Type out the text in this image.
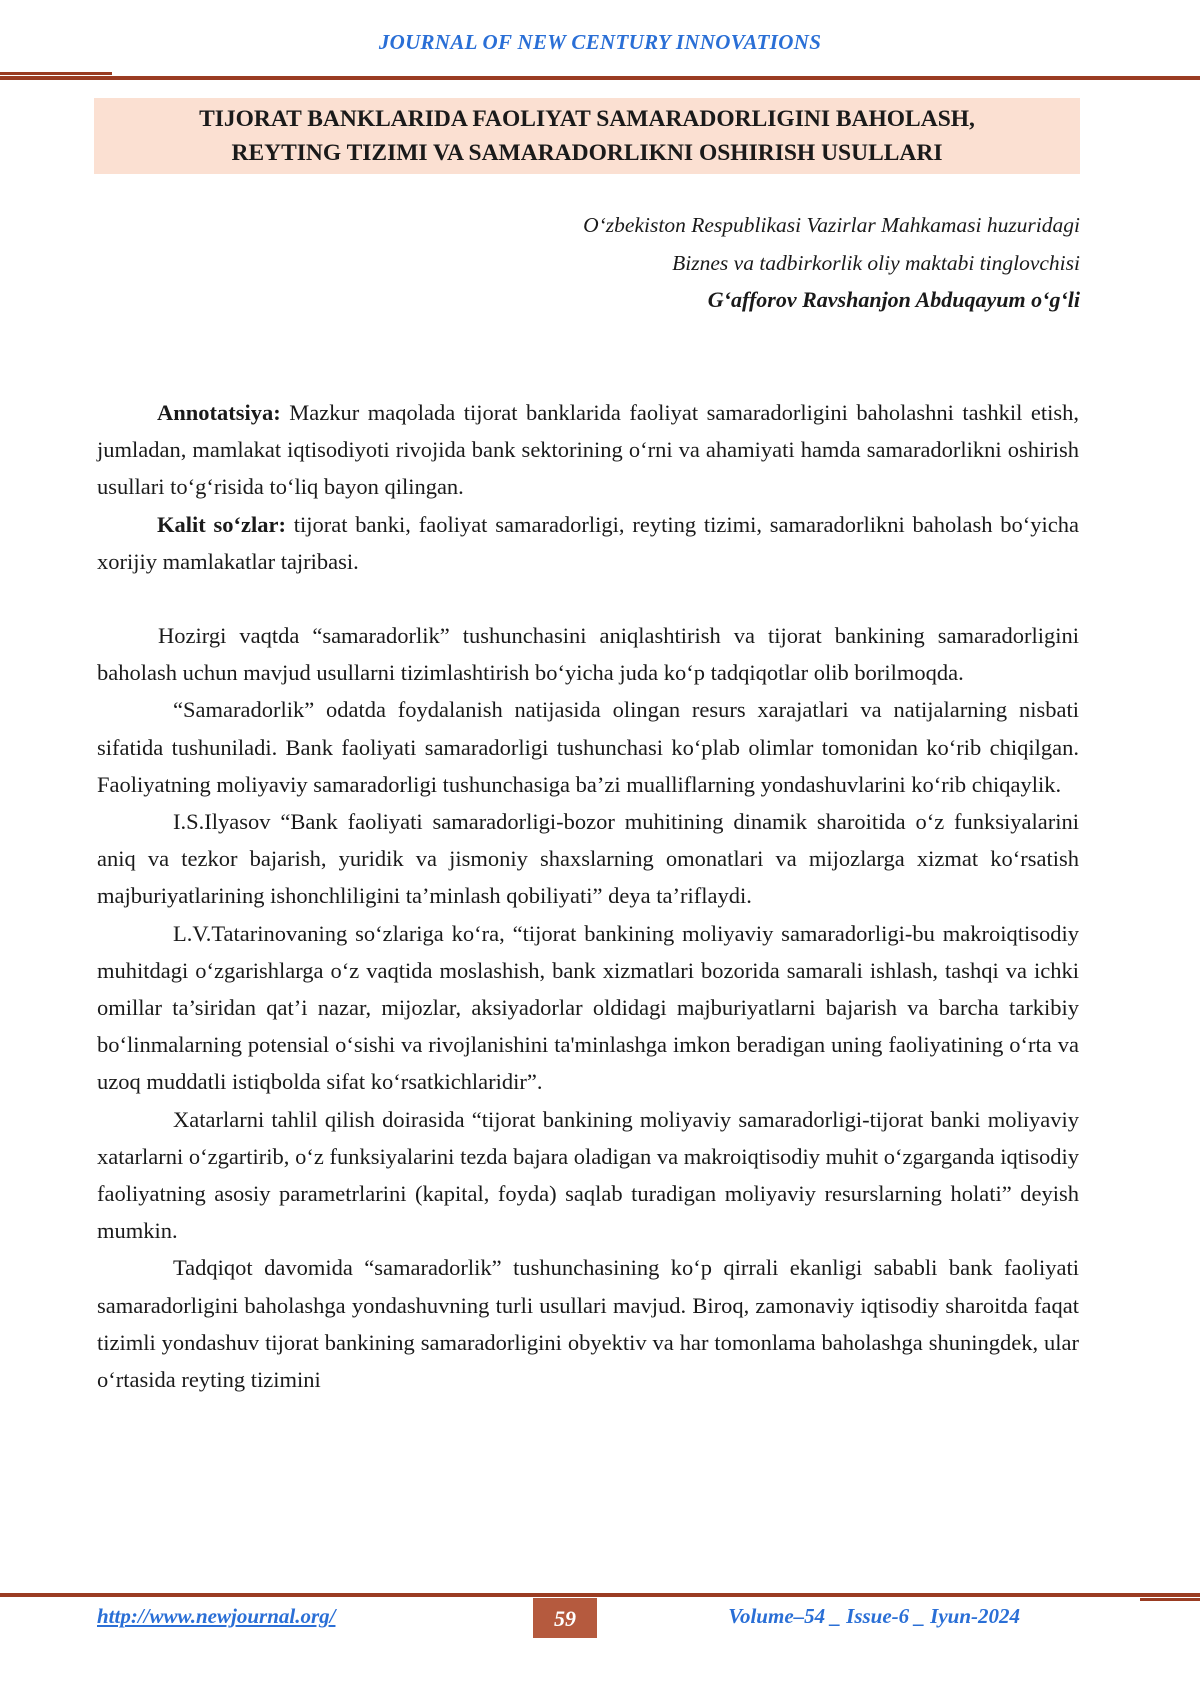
JOURNAL OF NEW CENTURY INNOVATIONS
TIJORAT BANKLARIDA FAOLIYAT SAMARADORLIGINI BAHOLASH,
REYTING TIZIMI VA SAMARADORLIKNI OSHIRISH USULLARI
O‘zbekiston Respublikasi Vazirlar Mahkamasi huzuridagi
Biznes va tadbirkorlik oliy maktabi tinglovchisi
G‘afforov Ravshanjon Abduqayum o‘g‘li

Annotatsiya: Mazkur maqolada tijorat banklarida faoliyat samaradorligini baholashni tashkil etish, jumladan, mamlakat iqtisodiyoti rivojida bank sektorining o‘rni va ahamiyati hamda samaradorlikni oshirish usullari to‘g‘risida to‘liq bayon qilingan.

Kalit so‘zlar: tijorat banki, faoliyat samaradorligi, reyting tizimi, samaradorlikni baholash bo‘yicha xorijiy mamlakatlar tajribasi.

Hozirgi vaqtda “samaradorlik” tushunchasini aniqlashtirish va tijorat bankining samaradorligini baholash uchun mavjud usullarni tizimlashtirish bo‘yicha juda ko‘p tadqiqotlar olib borilmoqda.

“Samaradorlik” odatda foydalanish natijasida olingan resurs xarajatlari va natijalarning nisbati sifatida tushuniladi. Bank faoliyati samaradorligi tushunchasi ko‘plab olimlar tomonidan ko‘rib chiqilgan. Faoliyatning moliyaviy samaradorligi tushunchasiga ba’zi mualliflarning yondashuvlarini ko‘rib chiqaylik.

I.S.Ilyasov “Bank faoliyati samaradorligi-bozor muhitining dinamik sharoitida o‘z funksiyalarini aniq va tezkor bajarish, yuridik va jismoniy shaxslarning omonatlari va mijozlarga xizmat ko‘rsatish majburiyatlarining ishonchliligini ta’minlash qobiliyati” deya ta’riflaydi.

L.V.Tatarinovaning so‘zlariga ko‘ra, “tijorat bankining moliyaviy samaradorligi-bu makroiqtisodiy muhitdagi o‘zgarishlarga o‘z vaqtida moslashish, bank xizmatlari bozorida samarali ishlash, tashqi va ichki omillar ta’siridan qat’i nazar, mijozlar, aksiyadorlar oldidagi majburiyatlarni bajarish va barcha tarkibiy bo‘linmalarning potensial o‘sishi va rivojlanishini ta'minlashga imkon beradigan uning faoliyatining o‘rta va uzoq muddatli istiqbolda sifat ko‘rsatkichlaridir”.

Xatarlarni tahlil qilish doirasida “tijorat bankining moliyaviy samaradorligi-tijorat banki moliyaviy xatarlarni o‘zgartirib, o‘z funksiyalarini tezda bajara oladigan va makroiqtisodiy muhit o‘zgarganda iqtisodiy faoliyatning asosiy parametrlarini (kapital, foyda) saqlab turadigan moliyaviy resurslarning holati” deyish mumkin.

Tadqiqot davomida “samaradorlik” tushunchasining ko‘p qirrali ekanligi sababli bank faoliyati samaradorligini baholashga yondashuvning turli usullari mavjud. Biroq, zamonaviy iqtisodiy sharoitda faqat tizimli yondashuv tijorat bankining samaradorligini obyektiv va har tomonlama baholashga shuningdek, ular o‘rtasida reyting tizimini

http://www.newjournal.org/	59	Volume–54 _ Issue-6 _ Iyun-2024
